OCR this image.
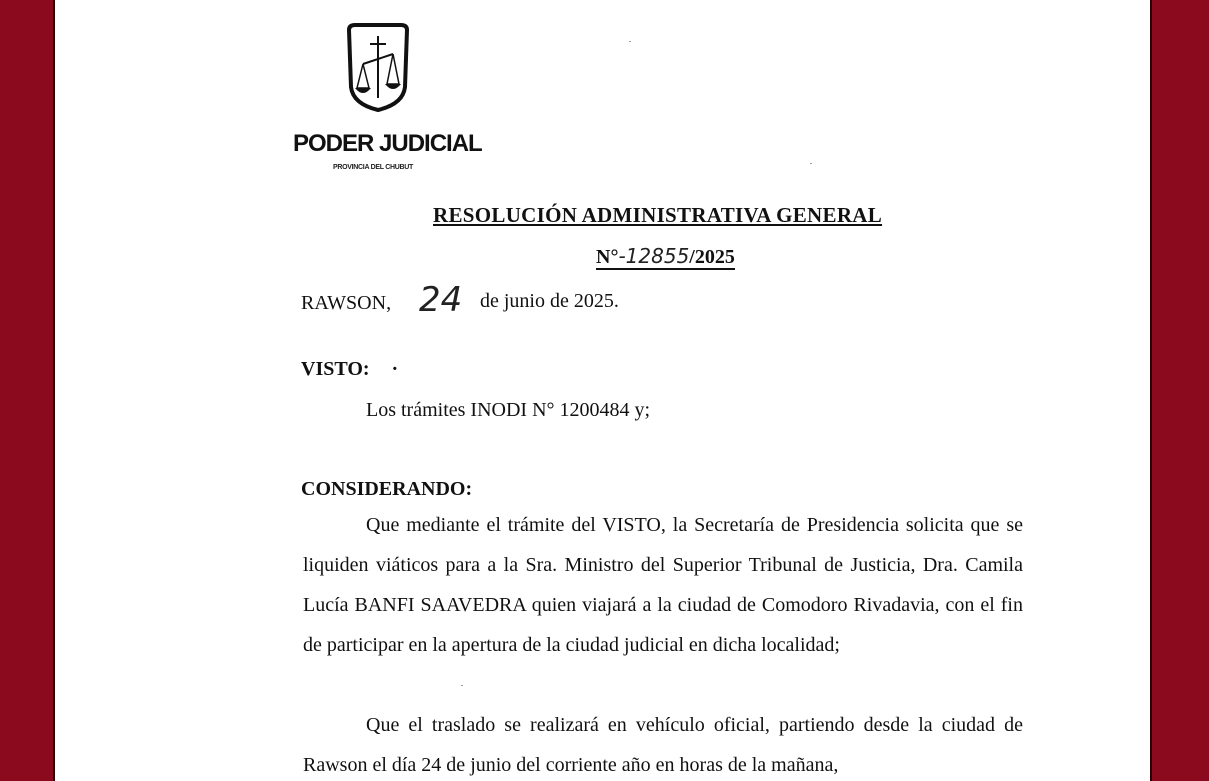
PODER JUDICIAL
PROVINCIA DEL CHUBUT
RESOLUCIÓN ADMINISTRATIVA GENERAL
N°-12855/2025
RAWSON, 24 de junio de 2025.
VISTO: ·
Los trámites INODI N° 1200484 y;
CONSIDERANDO:
Que mediante el trámite del VISTO, la Secretaría de Presidencia solicita que se liquiden viáticos para a la Sra. Ministro del Superior Tribunal de Justicia, Dra. Camila Lucía BANFI SAAVEDRA quien viajará a la ciudad de Comodoro Rivadavia, con el fin de participar en la apertura de la ciudad judicial en dicha localidad;
Que el traslado se realizará en vehículo oficial, partiendo desde la ciudad de Rawson el día 24 de junio del corriente año en horas de la mañana,
